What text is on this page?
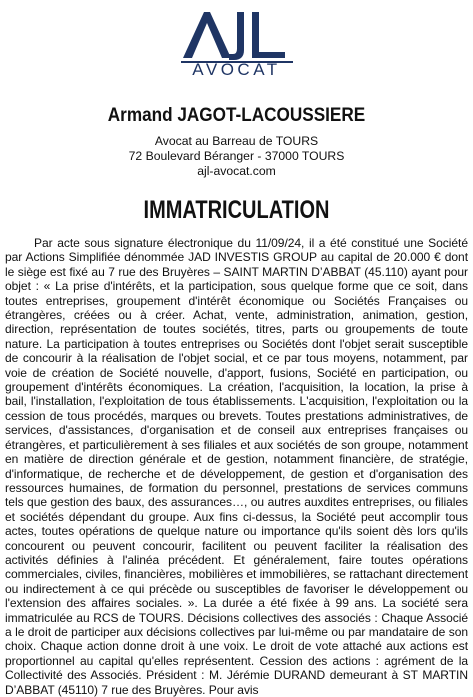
AVOCAT
Armand JAGOT-LACOUSSIERE
Avocat au Barreau de TOURS
72 Boulevard Béranger - 37000 TOURS
ajl-avocat.com
IMMATRICULATION
Par acte sous signature électronique du 11/09/24, il a été constitué une Société par Actions Simplifiée dénommée JAD INVESTIS GROUP au capital de 20.000 € dont le siège est fixé au 7 rue des Bruyères – SAINT MARTIN D’ABBAT (45.110) ayant pour objet : « La prise d'intérêts, et la participation, sous quelque forme que ce soit, dans toutes entreprises, groupement d'intérêt économique ou Sociétés Françaises ou étrangères, créées ou à créer. Achat, vente, administration, animation, gestion, direction, représentation de toutes sociétés, titres, parts ou groupements de toute nature. La participation à toutes entreprises ou Sociétés dont l'objet serait susceptible de concourir à la réalisation de l'objet social, et ce par tous moyens, notamment, par voie de création de Société nouvelle, d'apport, fusions, Société en participation, ou groupement d'intérêts économiques. La création, l'acquisition, la location, la prise à bail, l'installation, l'exploitation de tous établissements. L'acquisition, l'exploitation ou la cession de tous procédés, marques ou brevets. Toutes prestations administratives, de services, d'assistances, d'organisation et de conseil aux entreprises françaises ou étrangères, et particulièrement à ses filiales et aux sociétés de son groupe, notamment en matière de direction générale et de gestion, notamment financière, de stratégie, d'informatique, de recherche et de développement, de gestion et d'organisation des ressources humaines, de formation du personnel, prestations de services communs tels que gestion des baux, des assurances…, ou autres auxdites entreprises, ou filiales et sociétés dépendant du groupe. Aux fins ci-dessus, la Société peut accomplir tous actes, toutes opérations de quelque nature ou importance qu'ils soient dès lors qu'ils concourent ou peuvent concourir, facilitent ou peuvent faciliter la réalisation des activités définies à l'alinéa précédent. Et généralement, faire toutes opérations commerciales, civiles, financières, mobilières et immobilières, se rattachant directement ou indirectement à ce qui précède ou susceptibles de favoriser le développement ou l'extension des affaires sociales. ». La durée a été fixée à 99 ans. La société sera immatriculée au RCS de TOURS. Décisions collectives des associés : Chaque Associé a le droit de participer aux décisions collectives par lui-même ou par mandataire de son choix. Chaque action donne droit à une voix. Le droit de vote attaché aux actions est proportionnel au capital qu'elles représentent. Cession des actions : agrément de la Collectivité des Associés. Président : M. Jérémie DURAND demeurant à ST MARTIN D’ABBAT (45110) 7 rue des Bruyères. Pour avis
